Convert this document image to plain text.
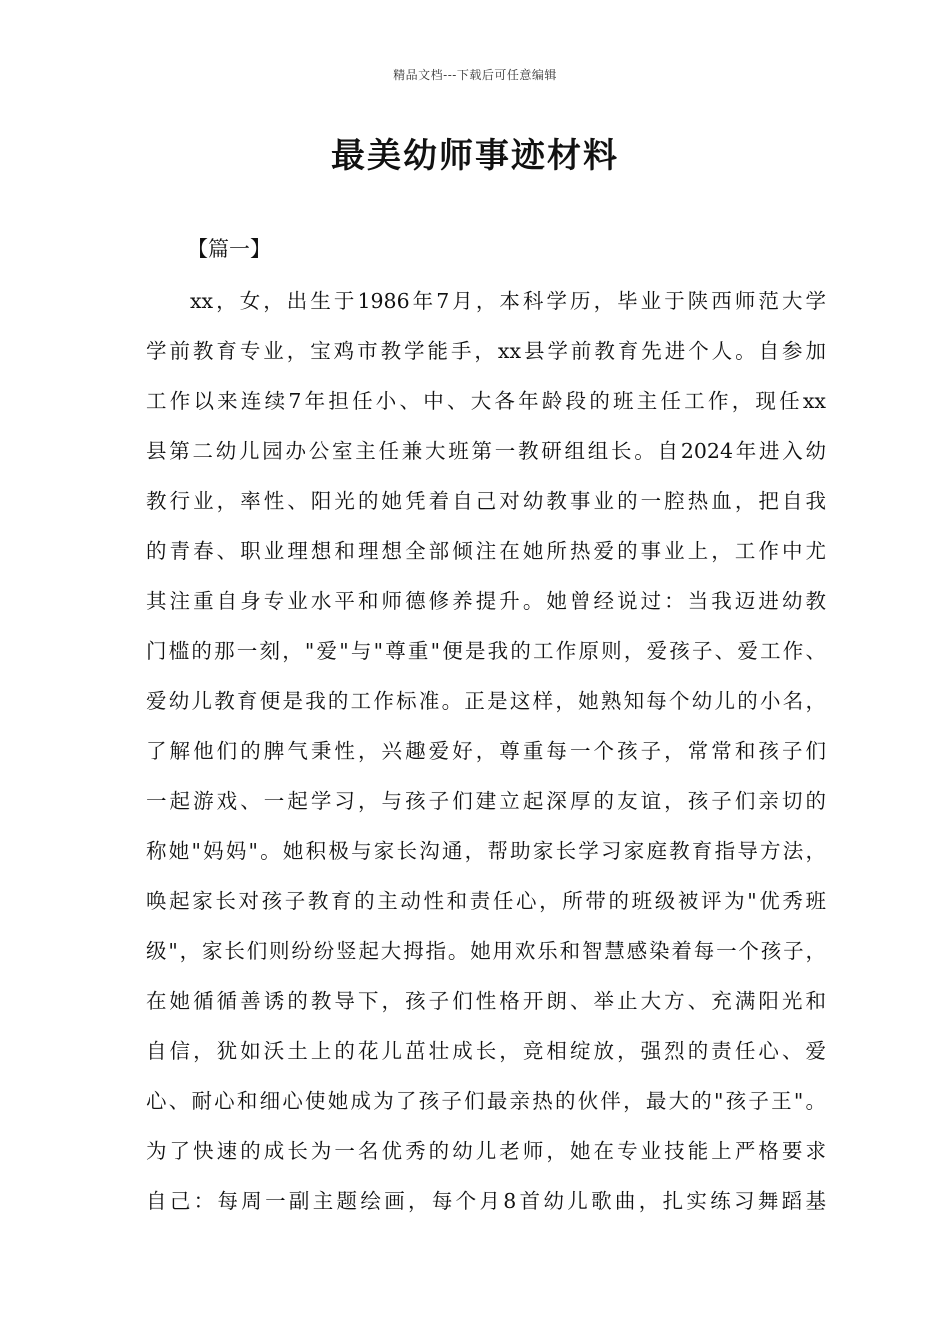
精品文档---下载后可任意编辑
最美幼师事迹材料
【篇一】
xx，女，出生于1986年7月，本科学历，毕业于陕西师范大学
学前教育专业，宝鸡市教学能手，xx县学前教育先进个人。自参加
工作以来连续7年担任小、中、大各年龄段的班主任工作，现任xx
县第二幼儿园办公室主任兼大班第一教研组组长。自2024年进入幼
教行业，率性、阳光的她凭着自己对幼教事业的一腔热血，把自我
的青春、职业理想和理想全部倾注在她所热爱的事业上，工作中尤
其注重自身专业水平和师德修养提升。她曾经说过：当我迈进幼教
门槛的那一刻，"爱"与"尊重"便是我的工作原则，爱孩子、爱工作、
爱幼儿教育便是我的工作标准。正是这样，她熟知每个幼儿的小名，
了解他们的脾气秉性，兴趣爱好，尊重每一个孩子，常常和孩子们
一起游戏、一起学习，与孩子们建立起深厚的友谊，孩子们亲切的
称她"妈妈"。她积极与家长沟通，帮助家长学习家庭教育指导方法，
唤起家长对孩子教育的主动性和责任心，所带的班级被评为"优秀班
级"，家长们则纷纷竖起大拇指。她用欢乐和智慧感染着每一个孩子，
在她循循善诱的教导下，孩子们性格开朗、举止大方、充满阳光和
自信，犹如沃土上的花儿茁壮成长，竞相绽放，强烈的责任心、爱
心、耐心和细心使她成为了孩子们最亲热的伙伴，最大的"孩子王"。
为了快速的成长为一名优秀的幼儿老师，她在专业技能上严格要求
自己：每周一副主题绘画，每个月8首幼儿歌曲，扎实练习舞蹈基
